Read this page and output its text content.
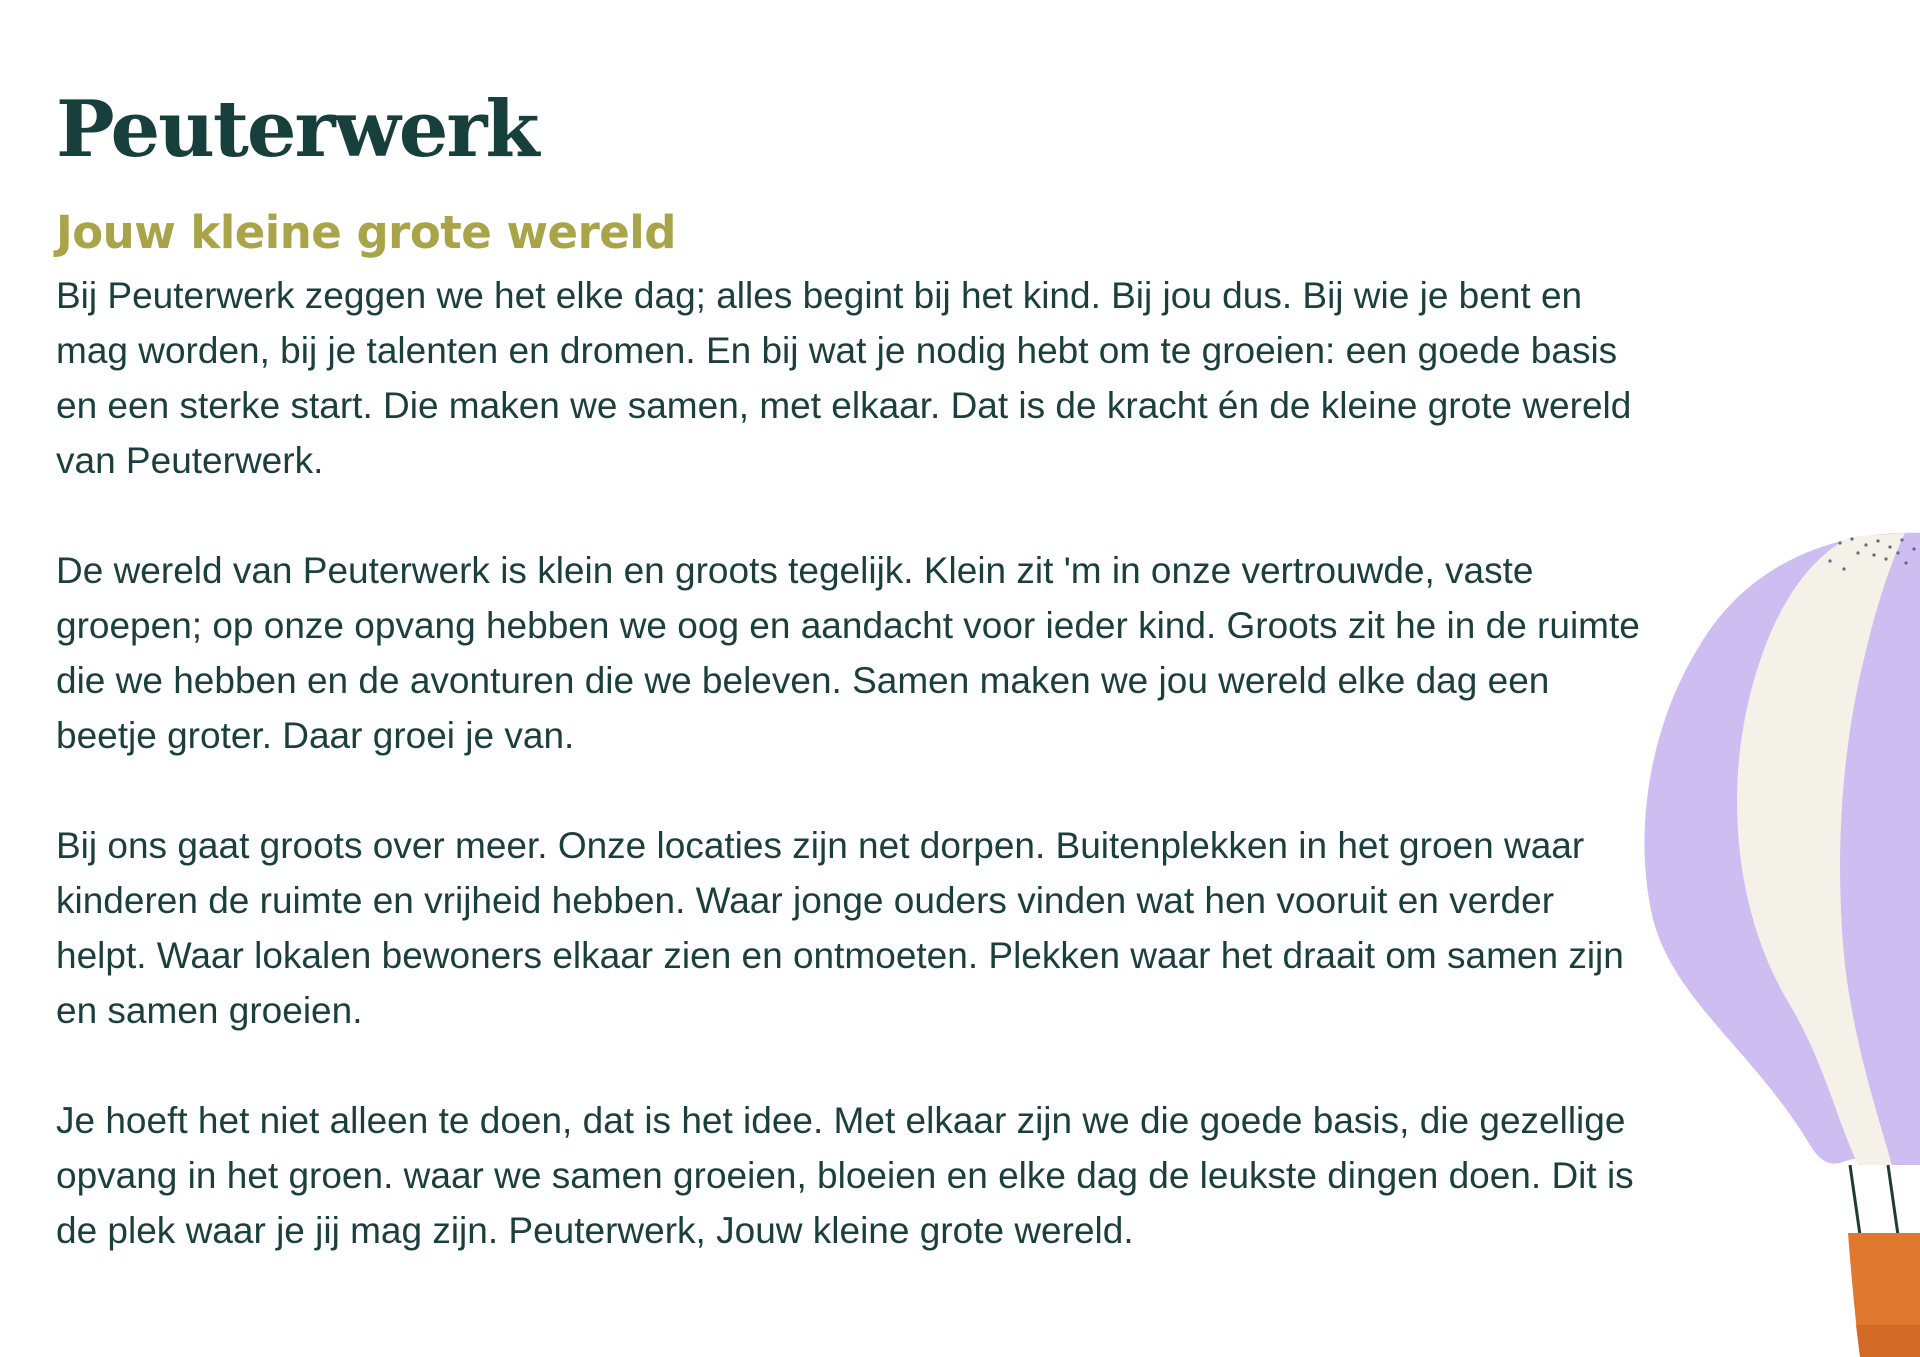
Peuterwerk
Jouw kleine grote wereld

Bij Peuterwerk zeggen we het elke dag; alles begint bij het kind. Bij jou dus. Bij wie je bent en mag worden, bij je talenten en dromen. En bij wat je nodig hebt om te groeien: een goede basis en een sterke start. Die maken we samen, met elkaar. Dat is de kracht én de kleine grote wereld van Peuterwerk.

De wereld van Peuterwerk is klein en groots tegelijk. Klein zit 'm in onze vertrouwde, vaste groepen; op onze opvang hebben we oog en aandacht voor ieder kind. Groots zit he in de ruimte die we hebben en de avonturen die we beleven. Samen maken we jou wereld elke dag een beetje groter. Daar groei je van.

Bij ons gaat groots over meer. Onze locaties zijn net dorpen. Buitenplekken in het groen waar kinderen de ruimte en vrijheid hebben. Waar jonge ouders vinden wat hen vooruit en verder helpt. Waar lokalen bewoners elkaar zien en ontmoeten. Plekken waar het draait om samen zijn en samen groeien.

Je hoeft het niet alleen te doen, dat is het idee. Met elkaar zijn we die goede basis, die gezellige opvang in het groen. waar we samen groeien, bloeien en elke dag de leukste dingen doen. Dit is de plek waar je jij mag zijn. Peuterwerk, Jouw kleine grote wereld.
